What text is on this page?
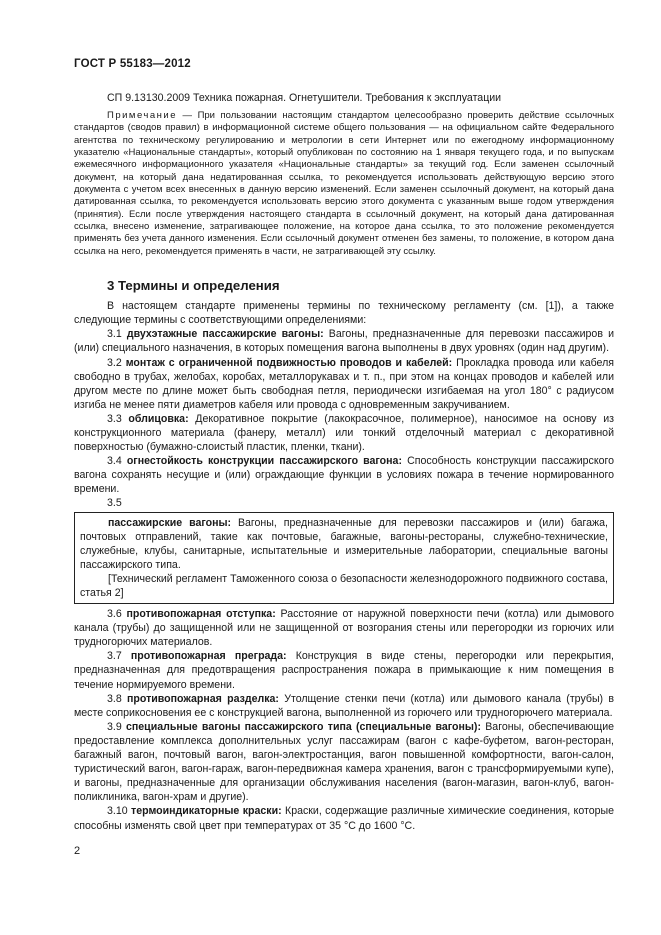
ГОСТ Р 55183—2012

СП 9.13130.2009 Техника пожарная. Огнетушители. Требования к эксплуатации

Примечание — При пользовании настоящим стандартом целесообразно проверить действие ссылочных стандартов (сводов правил) в информационной системе общего пользования — на официальном сайте Федерального агентства по техническому регулированию и метрологии в сети Интернет или по ежегодному информационному указателю «Национальные стандарты», который опубликован по состоянию на 1 января текущего года, и по выпускам ежемесячного информационного указателя «Национальные стандарты» за текущий год. Если заменен ссылочный документ, на который дана недатированная ссылка, то рекомендуется использовать действующую версию этого документа с учетом всех внесенных в данную версию изменений. Если заменен ссылочный документ, на который дана датированная ссылка, то рекомендуется использовать версию этого документа с указанным выше годом утверждения (принятия). Если после утверждения настоящего стандарта в ссылочный документ, на который дана датированная ссылка, внесено изменение, затрагивающее положение, на которое дана ссылка, то это положение рекомендуется применять без учета данного изменения. Если ссылочный документ отменен без замены, то положение, в котором дана ссылка на него, рекомендуется применять в части, не затрагивающей эту ссылку.

3 Термины и определения

В настоящем стандарте применены термины по техническому регламенту (см. [1]), а также следующие термины с соответствующими определениями:

3.1 двухэтажные пассажирские вагоны: Вагоны, предназначенные для перевозки пассажиров и (или) специального назначения, в которых помещения вагона выполнены в двух уровнях (один над другим).

3.2 монтаж с ограниченной подвижностью проводов и кабелей: Прокладка провода или кабеля свободно в трубах, желобах, коробах, металлорукавах и т. п., при этом на концах проводов и кабелей или другом месте по длине может быть свободная петля, периодически изгибаемая на угол 180° с радиусом изгиба не менее пяти диаметров кабеля или провода с одновременным закручиванием.

3.3 облицовка: Декоративное покрытие (лакокрасочное, полимерное), наносимое на основу из конструкционного материала (фанеру, металл) или тонкий отделочный материал с декоративной поверхностью (бумажно-слоистый пластик, пленки, ткани).

3.4 огнестойкость конструкции пассажирского вагона: Способность конструкции пассажирского вагона сохранять несущие и (или) ограждающие функции в условиях пожара в течение нормированного времени.

3.5

пассажирские вагоны: Вагоны, предназначенные для перевозки пассажиров и (или) багажа, почтовых отправлений, такие как почтовые, багажные, вагоны-рестораны, служебно-технические, служебные, клубы, санитарные, испытательные и измерительные лаборатории, специальные вагоны пассажирского типа.

[Технический регламент Таможенного союза о безопасности железнодорожного подвижного состава, статья 2]

3.6 противопожарная отступка: Расстояние от наружной поверхности печи (котла) или дымового канала (трубы) до защищенной или не защищенной от возгорания стены или перегородки из горючих или трудногорючих материалов.

3.7 противопожарная преграда: Конструкция в виде стены, перегородки или перекрытия, предназначенная для предотвращения распространения пожара в примыкающие к ним помещения в течение нормируемого времени.

3.8 противопожарная разделка: Утолщение стенки печи (котла) или дымового канала (трубы) в месте соприкосновения ее с конструкцией вагона, выполненной из горючего или трудногорючего материала.

3.9 специальные вагоны пассажирского типа (специальные вагоны): Вагоны, обеспечивающие предоставление комплекса дополнительных услуг пассажирам (вагон с кафе-буфетом, вагон-ресторан, багажный вагон, почтовый вагон, вагон-электростанция, вагон повышенной комфортности, вагон-салон, туристический вагон, вагон-гараж, вагон-передвижная камера хранения, вагон с трансформируемыми купе), и вагоны, предназначенные для организации обслуживания населения (вагон-магазин, вагон-клуб, вагон-поликлиника, вагон-храм и другие).

3.10 термоиндикаторные краски: Краски, содержащие различные химические соединения, которые способны изменять свой цвет при температурах от 35 °С до 1600 °С.

2
